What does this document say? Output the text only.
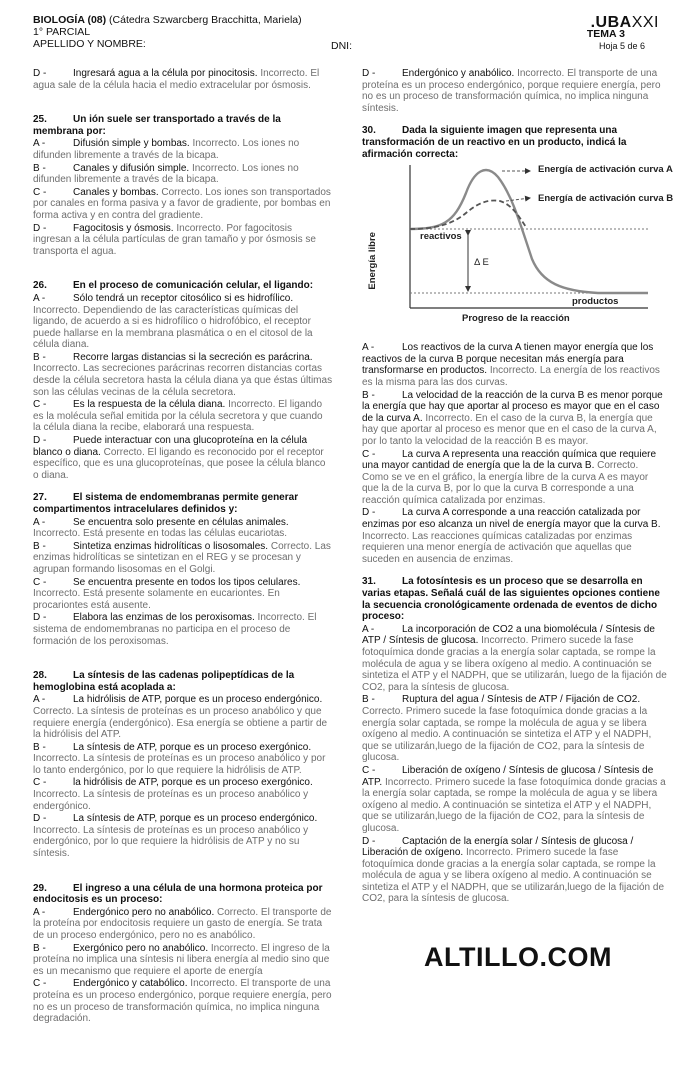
BIOLOGÍA (08) (Cátedra Szwarcberg Bracchitta, Mariela)
1° PARCIAL
APELLIDO Y NOMBRE:	DNI:
.UBAXXI
TEMA 3
Hoja 5 de 6
D -	Ingresará agua a la célula por pinocitosis. Incorrecto. El agua sale de la célula hacia el medio extracelular por ósmosis.
25.	Un ión suele ser transportado a través de la membrana por:
A -	Difusión simple y bombas. Incorrecto. Los iones no difunden libremente a través de la bicapa.
B -	Canales y difusión simple. Incorrecto. Los iones no difunden libremente a través de la bicapa.
C -	Canales y bombas. Correcto. Los iones son transportados por canales en forma pasiva y a favor de gradiente, por bombas en forma activa y en contra del gradiente.
D -	Fagocitosis y ósmosis. Incorrecto. Por fagocitosis ingresan a la célula partículas de gran tamaño y por ósmosis se transporta el agua.
26.	En el proceso de comunicación celular, el ligando:
A -	Sólo tendrá un receptor citosólico si es hidrofílico. Incorrecto. Dependiendo de las características químicas del ligando, de acuerdo a si es hidrofílico o hidrofóbico, el receptor puede hallarse en la membrana plasmática o en el citosol de la célula diana.
B -	Recorre largas distancias si la secreción es parácrina. Incorrecto. Las secreciones parácrinas recorren distancias cortas desde la célula secretora hasta la célula diana ya que éstas últimas son las células vecinas de la célula secretora.
C -	Es la respuesta de la célula diana. Incorrecto. El ligando es la molécula señal emitida por la célula secretora y que cuando la célula diana la recibe, elaborará una respuesta.
D -	Puede interactuar con una glucoproteína en la célula blanco o diana. Correcto. El ligando es reconocido por el receptor específico, que es una glucoproteínas, que posee la célula blanco o diana.
27.	El sistema de endomembranas permite generar compartimentos intracelulares definidos y:
A -	Se encuentra solo presente en células animales. Incorrecto. Está presente en todas las células eucariotas.
B -	Sintetiza enzimas hidrolíticas o lisosomales. Correcto. Las enzimas hidrolíticas se sintetizan en el REG y se procesan y agrupan formando lisosomas en el Golgi.
C -	Se encuentra presente en todos los tipos celulares. Incorrecto. Está presente solamente en eucariontes. En procariontes está ausente.
D -	Elabora las enzimas de los peroxisomas. Incorrecto. El sistema de endomembranas no participa en el proceso de formación de los peroxisomas.
28.	La síntesis de las cadenas polipeptídicas de la hemoglobina está acoplada a:
A -	La hidrólisis de ATP, porque es un proceso endergónico. Correcto. La síntesis de proteínas es un proceso anabólico y que requiere energía (endergónico). Esa energía se obtiene a partir de la hidrólisis del ATP.
B -	La síntesis de ATP, porque es un proceso exergónico. Incorrecto. La síntesis de proteínas es un proceso anabólico y por lo tanto endergónico, por lo que requiere la hidrólisis de ATP.
C -	la hidrólisis de ATP, porque es un proceso exergónico. Incorrecto. La síntesis de proteínas es un proceso anabólico y endergónico.
D -	La síntesis de ATP, porque es un proceso endergónico. Incorrecto. La síntesis de proteínas es un proceso anabólico y endergónico, por lo que requiere la hidrólisis de ATP y no su síntesis.
29.	El ingreso a una célula de una hormona proteica por endocitosis es un proceso:
A -	Endergónico pero no anabólico. Correcto. El transporte de la proteína por endocitosis requiere un gasto de energía. Se trata de un proceso endergónico, pero no es anabólico.
B -	Exergónico pero no anabólico. Incorrecto. El ingreso de la proteína no implica una síntesis ni libera energía al medio sino que es un mecanismo que requiere el aporte de energía
C -	Endergónico y catabólico. Incorrecto. El transporte de una proteína es un proceso endergónico, porque requiere energía, pero no es un proceso de transformación química, no implica ninguna degradación.
D -	Endergónico y anabólico. Incorrecto. El transporte de una proteína es un proceso endergónico, porque requiere energía, pero no es un proceso de transformación química, no implica ninguna síntesis.
30.	Dada la siguiente imagen que representa una transformación de un reactivo en un producto, indicá la afirmación correcta:
Energía de activación curva A
Energía de activación curva B
reactivos
productos
Δ E
Progreso de la reacción
Energía libre
A -	Los reactivos de la curva A tienen mayor energía que los reactivos de la curva B porque necesitan más energía para transformarse en productos. Incorrecto. La energía de los reactivos es la misma para las dos curvas.
B -	La velocidad de la reacción de la curva B es menor porque la energía que hay que aportar al proceso es mayor que en el caso de la curva A. Incorrecto. En el caso de la curva B, la energía que hay que aportar al proceso es menor que en el caso de la curva A, por lo tanto la velocidad de la reacción B es mayor.
C -	La curva A representa una reacción química que requiere una mayor cantidad de energía que la de la curva B. Correcto. Como se ve en el gráfico, la energía libre de la curva A es mayor que la de la curva B, por lo que la curva B corresponde a una reacción química catalizada por enzimas.
D -	La curva A corresponde a una reacción catalizada por enzimas por eso alcanza un nivel de energía mayor que la curva B. Incorrecto. Las reacciones químicas catalizadas por enzimas requieren una menor energía de activación que aquellas que suceden en ausencia de enzimas.
31.	La fotosíntesis es un proceso que se desarrolla en varias etapas. Señalá cuál de las siguientes opciones contiene la secuencia cronológicamente ordenada de eventos de dicho proceso:
A -	La incorporación de CO2 a una biomolécula / Síntesis de ATP / Síntesis de glucosa. Incorrecto. Primero sucede la fase fotoquímica donde gracias a la energía solar captada, se rompe la molécula de agua y se libera oxígeno al medio. A continuación se sintetiza el ATP y el NADPH, que se utilizarán, luego de la fijación de CO2, para la síntesis de glucosa.
B -	Ruptura del agua / Síntesis de ATP / Fijación de CO2. Correcto. Primero sucede la fase fotoquímica donde gracias a la energía solar captada, se rompe la molécula de agua y se libera oxígeno al medio. A continuación se sintetiza el ATP y el NADPH, que se utilizarán,luego de la fijación de CO2, para la síntesis de glucosa.
C -	Liberación de oxígeno / Síntesis de glucosa / Síntesis de ATP. Incorrecto. Primero sucede la fase fotoquímica donde gracias a la energía solar captada, se rompe la molécula de agua y se libera oxígeno al medio. A continuación se sintetiza el ATP y el NADPH, que se utilizarán,luego de la fijación de CO2, para la síntesis de glucosa.
D -	Captación de la energía solar / Síntesis de glucosa / Liberación de oxígeno. Incorrecto. Primero sucede la fase fotoquímica donde gracias a la energía solar captada, se rompe la molécula de agua y se libera oxígeno al medio. A continuación se sintetiza el ATP y el NADPH, que se utilizarán,luego de la fijación de CO2, para la síntesis de glucosa.
ALTILLO.COM
